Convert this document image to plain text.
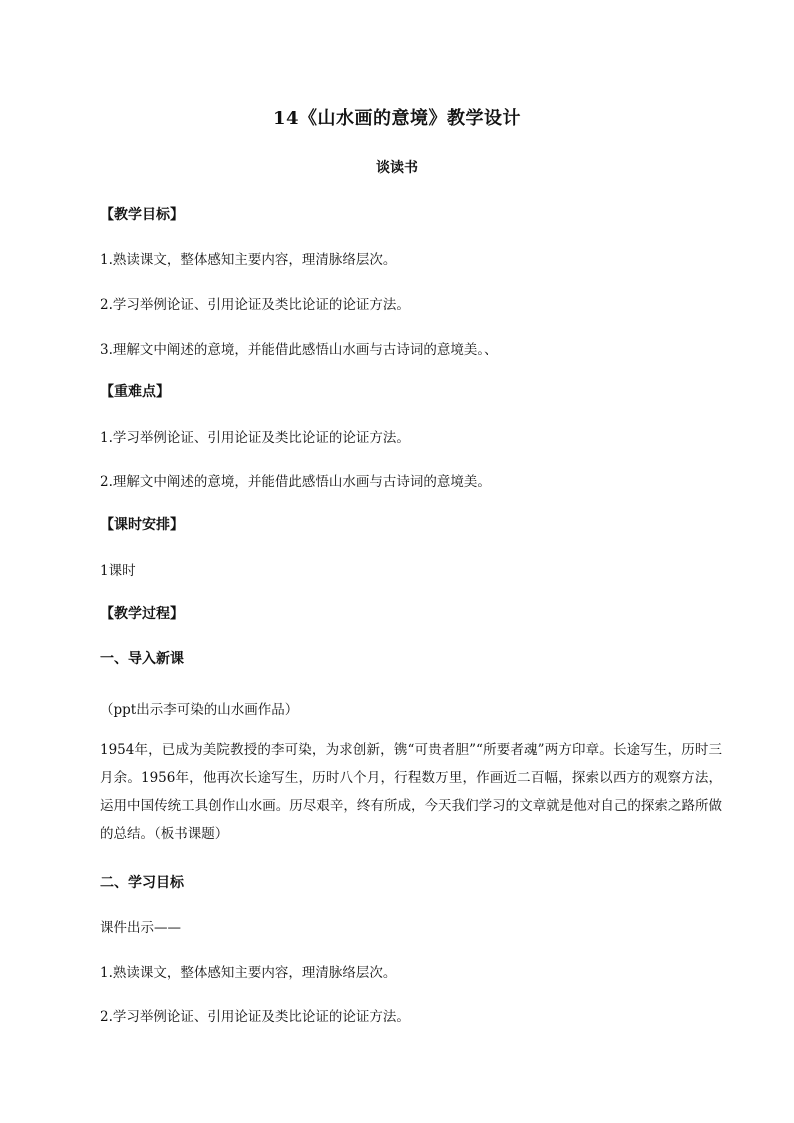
14《山水画的意境》教学设计
谈读书
【教学目标】
1.熟读课文，整体感知主要内容，理清脉络层次。
2.学习举例论证、引用论证及类比论证的论证方法。
3.理解文中阐述的意境，并能借此感悟山水画与古诗词的意境美。、
【重难点】
1.学习举例论证、引用论证及类比论证的论证方法。
2.理解文中阐述的意境，并能借此感悟山水画与古诗词的意境美。
【课时安排】
1课时
【教学过程】
一、导入新课
（ppt出示李可染的山水画作品）
1954年，已成为美院教授的李可染，为求创新，镌“可贵者胆”“所要者魂”两方印章。长途写生，历时三月余。1956年，他再次长途写生，历时八个月，行程数万里，作画近二百幅，探索以西方的观察方法，运用中国传统工具创作山水画。历尽艰辛，终有所成，今天我们学习的文章就是他对自己的探索之路所做的总结。（板书课题）
二、学习目标
课件出示——
1.熟读课文，整体感知主要内容，理清脉络层次。
2.学习举例论证、引用论证及类比论证的论证方法。
